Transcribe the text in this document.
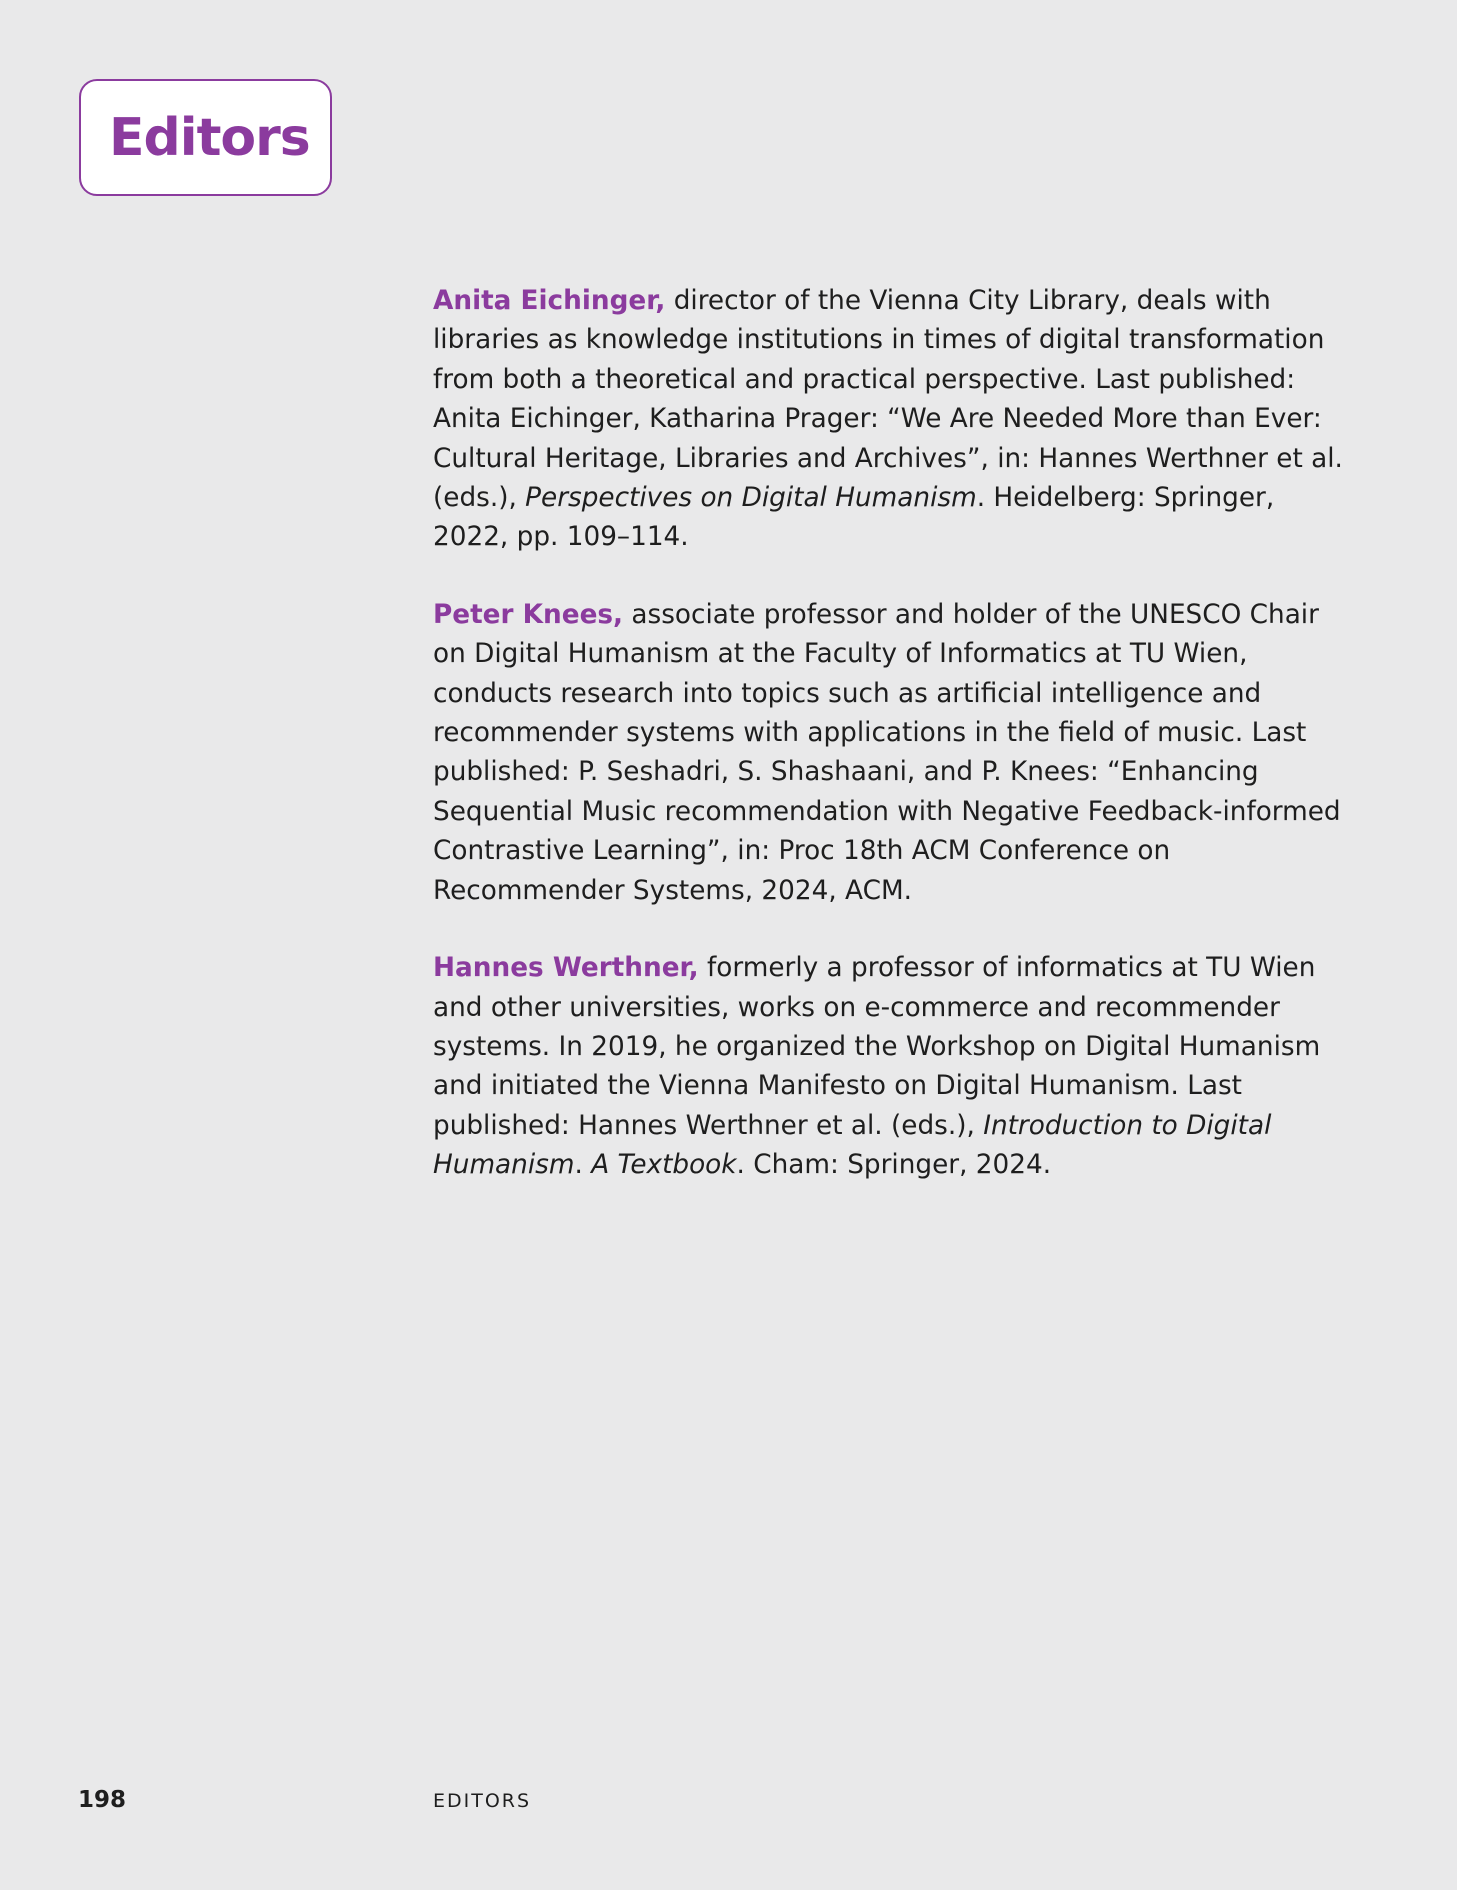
Editors

Anita Eichinger, director of the Vienna City Library, deals with libraries as knowledge institutions in times of digital transformation from both a theoretical and practical perspective. Last published: Anita Eichinger, Katharina Prager: “We Are Needed More than Ever: Cultural Heritage, Libraries and Archives”, in: Hannes Werthner et al. (eds.), Perspectives on Digital Humanism. Heidelberg: Springer, 2022, pp. 109–114.

Peter Knees, associate professor and holder of the UNESCO Chair on Digital Humanism at the Faculty of Informatics at TU Wien, conducts research into topics such as artificial intelligence and recommender systems with applications in the field of music. Last published: P. Seshadri, S. Shashaani, and P. Knees: “Enhancing Sequential Music recommendation with Negative Feedback-informed Contrastive Learning”, in: Proc 18th ACM Conference on Recommender Systems, 2024, ACM.

Hannes Werthner, formerly a professor of informatics at TU Wien and other universities, works on e-commerce and recommender systems. In 2019, he organized the Workshop on Digital Humanism and initiated the Vienna Manifesto on Digital Humanism. Last published: Hannes Werthner et al. (eds.), Introduction to Digital Humanism. A Textbook. Cham: Springer, 2024.

198	EDITORS
